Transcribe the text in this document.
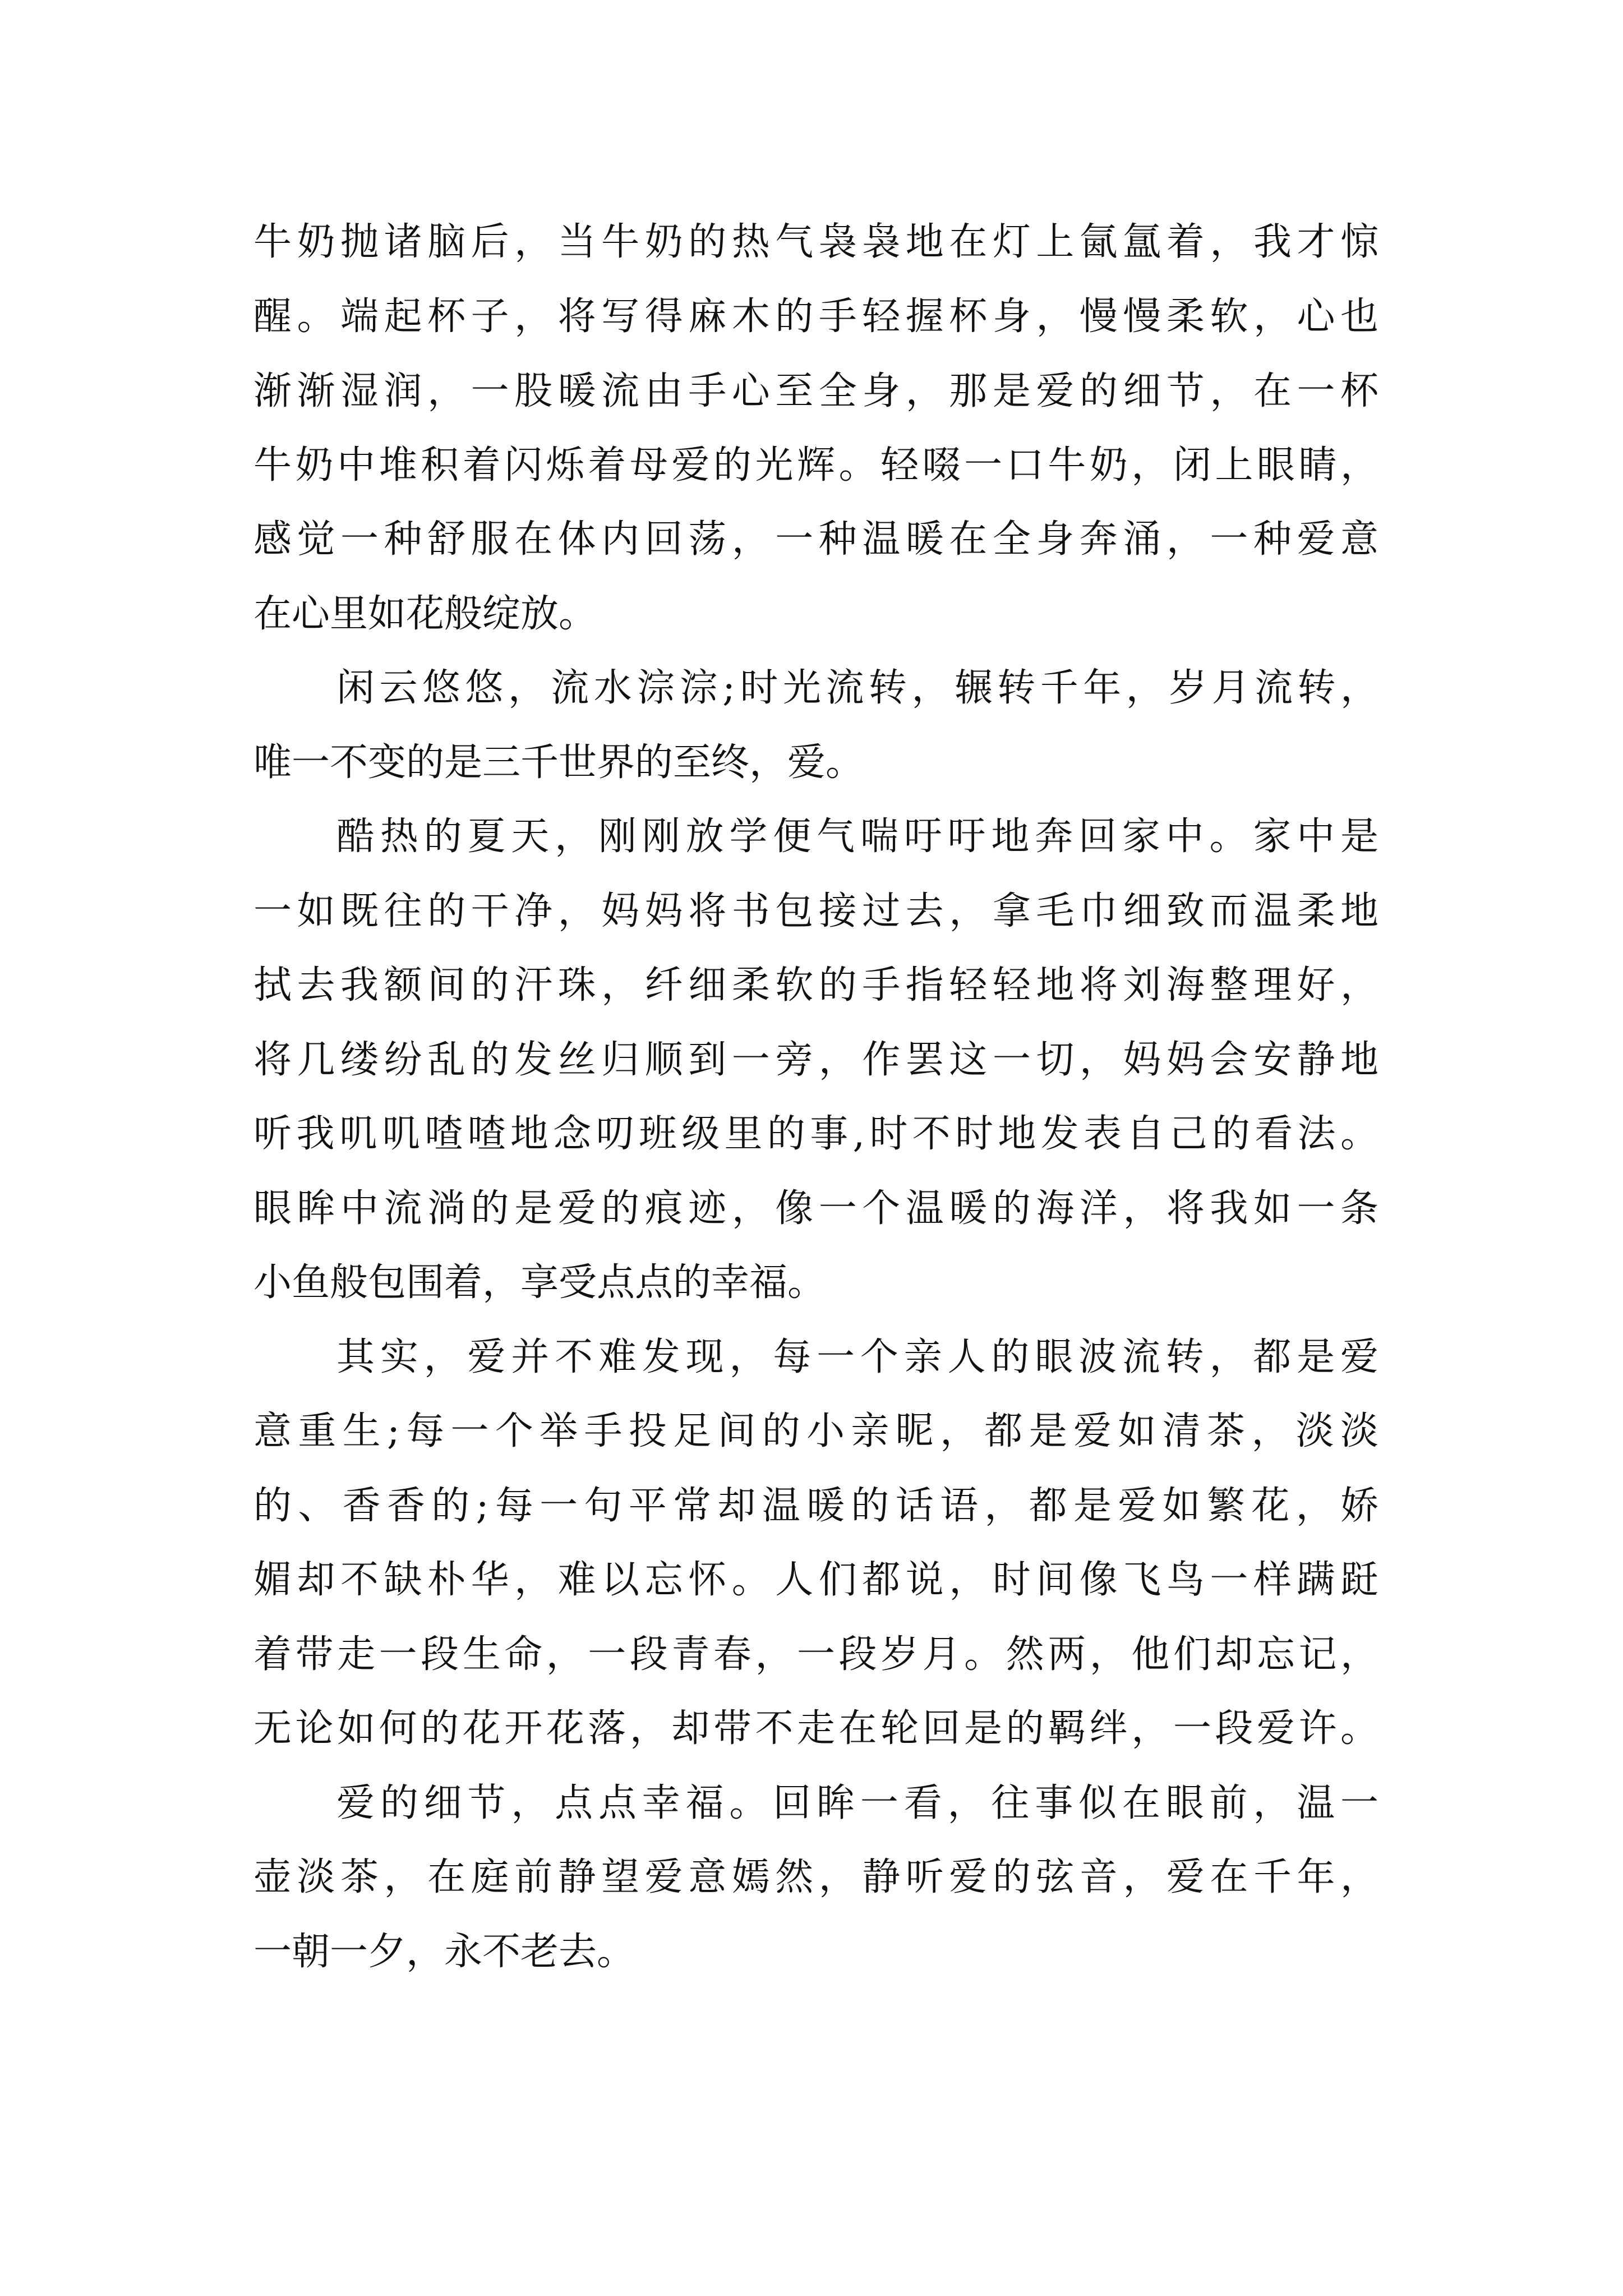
牛奶抛诸脑后，当牛奶的热气袅袅地在灯上氤氲着，我才惊
醒。端起杯子，将写得麻木的手轻握杯身，慢慢柔软，心也
渐渐湿润，一股暖流由手心至全身，那是爱的细节，在一杯
牛奶中堆积着闪烁着母爱的光辉。轻啜一口牛奶，闭上眼睛，
感觉一种舒服在体内回荡，一种温暖在全身奔涌，一种爱意
在心里如花般绽放。
闲云悠悠，流水淙淙;时光流转，辗转千年，岁月流转，
唯一不变的是三千世界的至终，爱。
酷热的夏天，刚刚放学便气喘吁吁地奔回家中。家中是
一如既往的干净，妈妈将书包接过去，拿毛巾细致而温柔地
拭去我额间的汗珠，纤细柔软的手指轻轻地将刘海整理好，
将几缕纷乱的发丝归顺到一旁，作罢这一切，妈妈会安静地
听我叽叽喳喳地念叨班级里的事,时不时地发表自己的看法。
眼眸中流淌的是爱的痕迹，像一个温暖的海洋，将我如一条
小鱼般包围着，享受点点的幸福。
其实，爱并不难发现，每一个亲人的眼波流转，都是爱
意重生;每一个举手投足间的小亲昵，都是爱如清茶，淡淡
的、香香的;每一句平常却温暖的话语，都是爱如繁花，娇
媚却不缺朴华，难以忘怀。人们都说，时间像飞鸟一样蹒跹
着带走一段生命，一段青春，一段岁月。然两，他们却忘记，
无论如何的花开花落，却带不走在轮回是的羁绊，一段爱许。
爱的细节，点点幸福。回眸一看，往事似在眼前，温一
壶淡茶，在庭前静望爱意嫣然，静听爱的弦音，爱在千年，
一朝一夕，永不老去。
